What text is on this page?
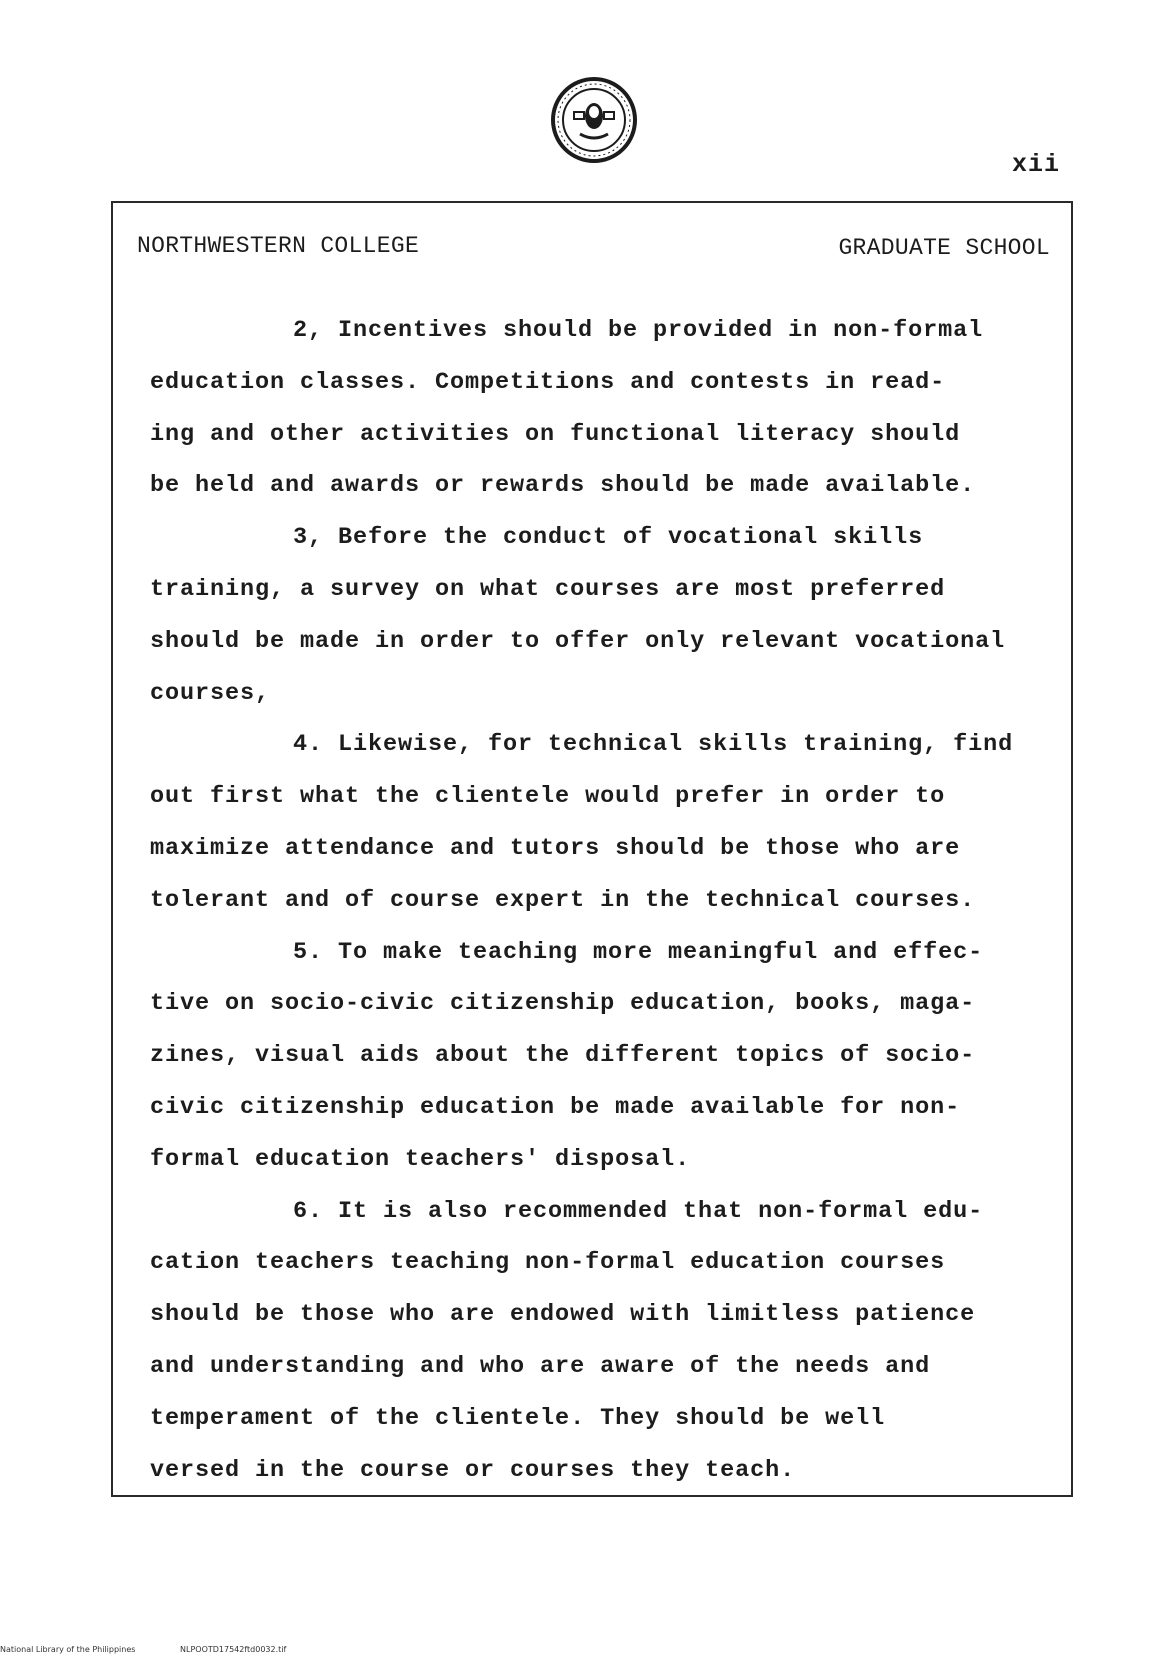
xii
NORTHWESTERN COLLEGE	GRADUATE SCHOOL
2, Incentives should be provided in non-formal
education classes. Competitions and contests in read-
ing and other activities on functional literacy should
be held and awards or rewards should be made available.
3, Before the conduct of vocational skills
training, a survey on what courses are most preferred
should be made in order to offer only relevant vocational
courses,
4. Likewise, for technical skills training, find
out first what the clientele would prefer in order to
maximize attendance and tutors should be those who are
tolerant and of course expert in the technical courses.
5. To make teaching more meaningful and effec-
tive on socio-civic citizenship education, books, maga-
zines, visual aids about the different topics of socio-
civic citizenship education be made available for non-
formal education teachers' disposal.
6. It is also recommended that non-formal edu-
cation teachers teaching non-formal education courses
should be those who are endowed with limitless patience
and understanding and who are aware of the needs and
temperament of the clientele. They should be well
versed in the course or courses they teach.
National Library of the Philippines	NLPOOTD17542ftd0032.tif
